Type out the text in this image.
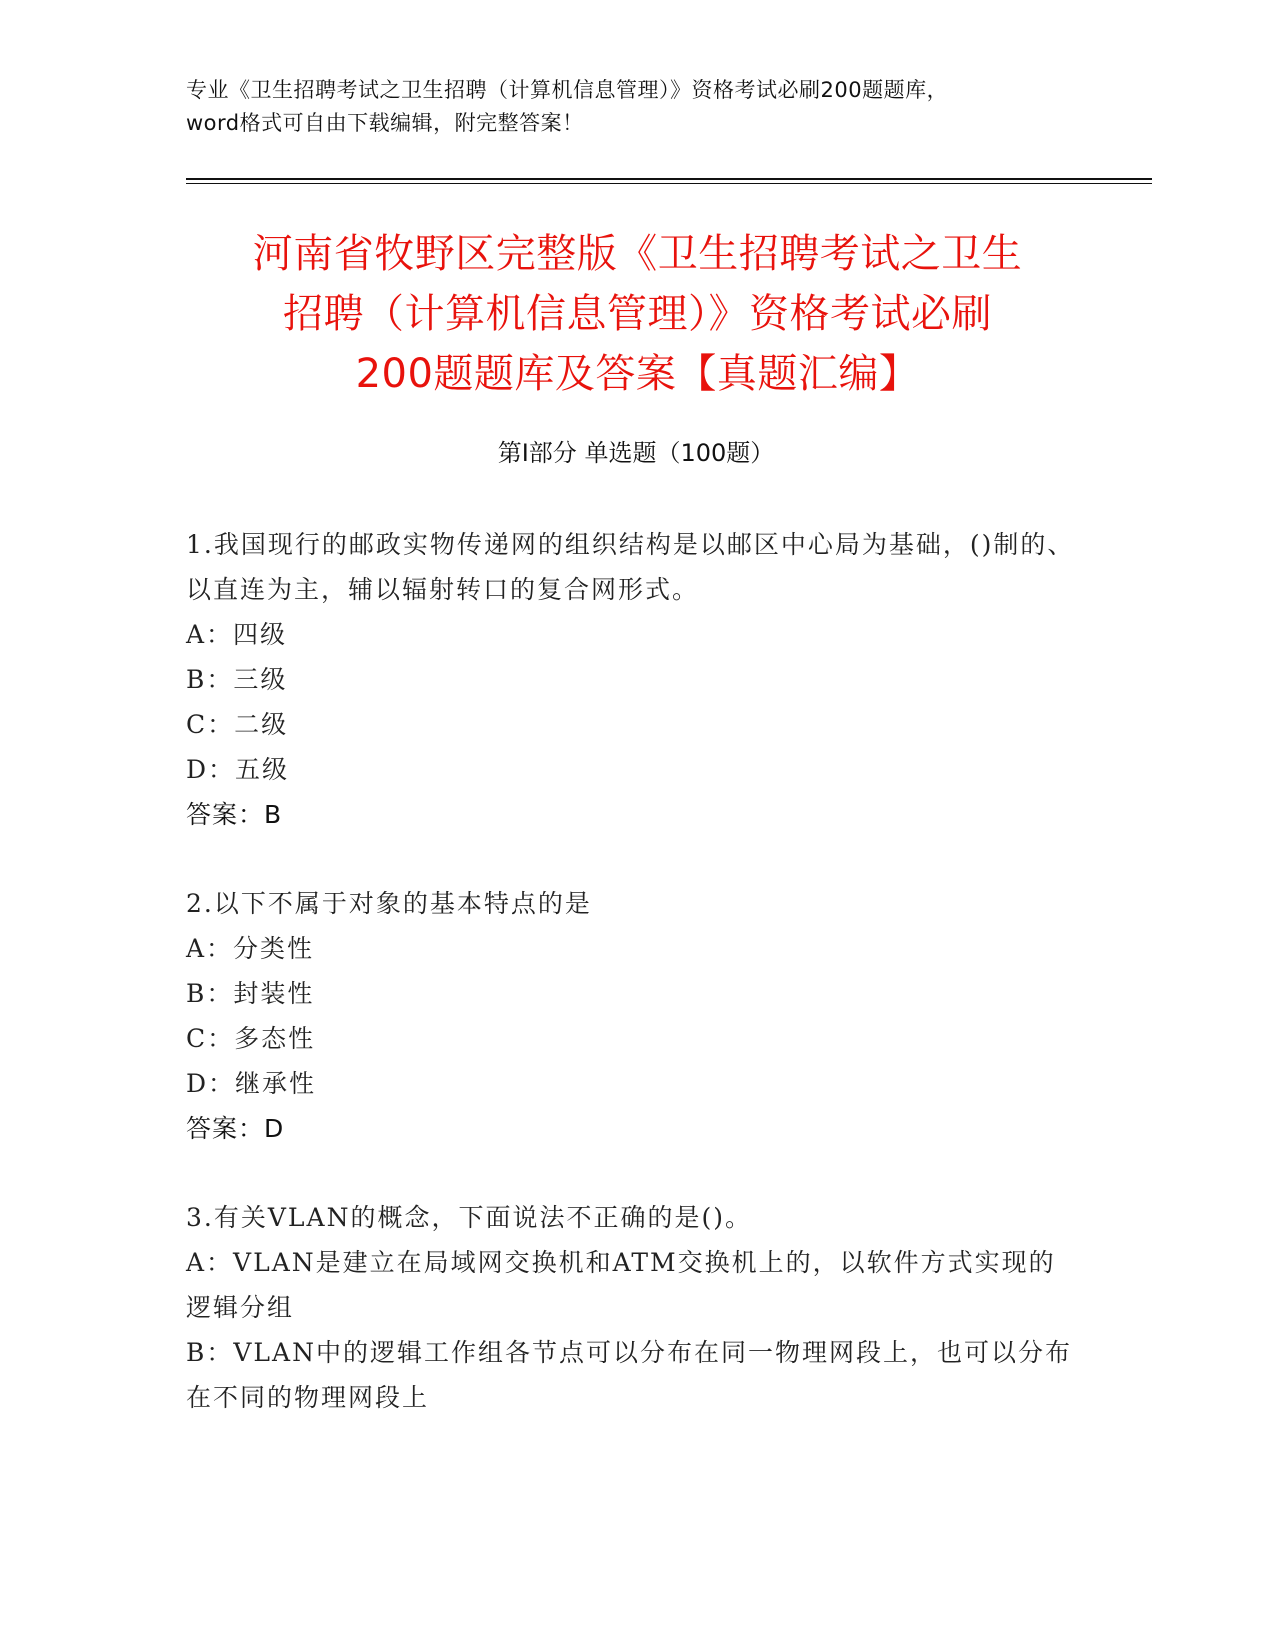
专业《卫生招聘考试之卫生招聘（计算机信息管理）》资格考试必刷200题题库，
word格式可自由下载编辑，附完整答案！
河南省牧野区完整版《卫生招聘考试之卫生
招聘（计算机信息管理）》资格考试必刷
200题题库及答案【真题汇编】
第Ⅰ部分 单选题（100题）
1.我国现行的邮政实物传递网的组织结构是以邮区中心局为基础，()制的、以直连为主，辅以辐射转口的复合网形式。
A：四级
B：三级
C：二级
D：五级
答案：B
2.以下不属于对象的基本特点的是
A：分类性
B：封装性
C：多态性
D：继承性
答案：D
3.有关VLAN的概念，下面说法不正确的是()。
A：VLAN是建立在局域网交换机和ATM交换机上的，以软件方式实现的逻辑分组
B：VLAN中的逻辑工作组各节点可以分布在同一物理网段上，也可以分布在不同的物理网段上
